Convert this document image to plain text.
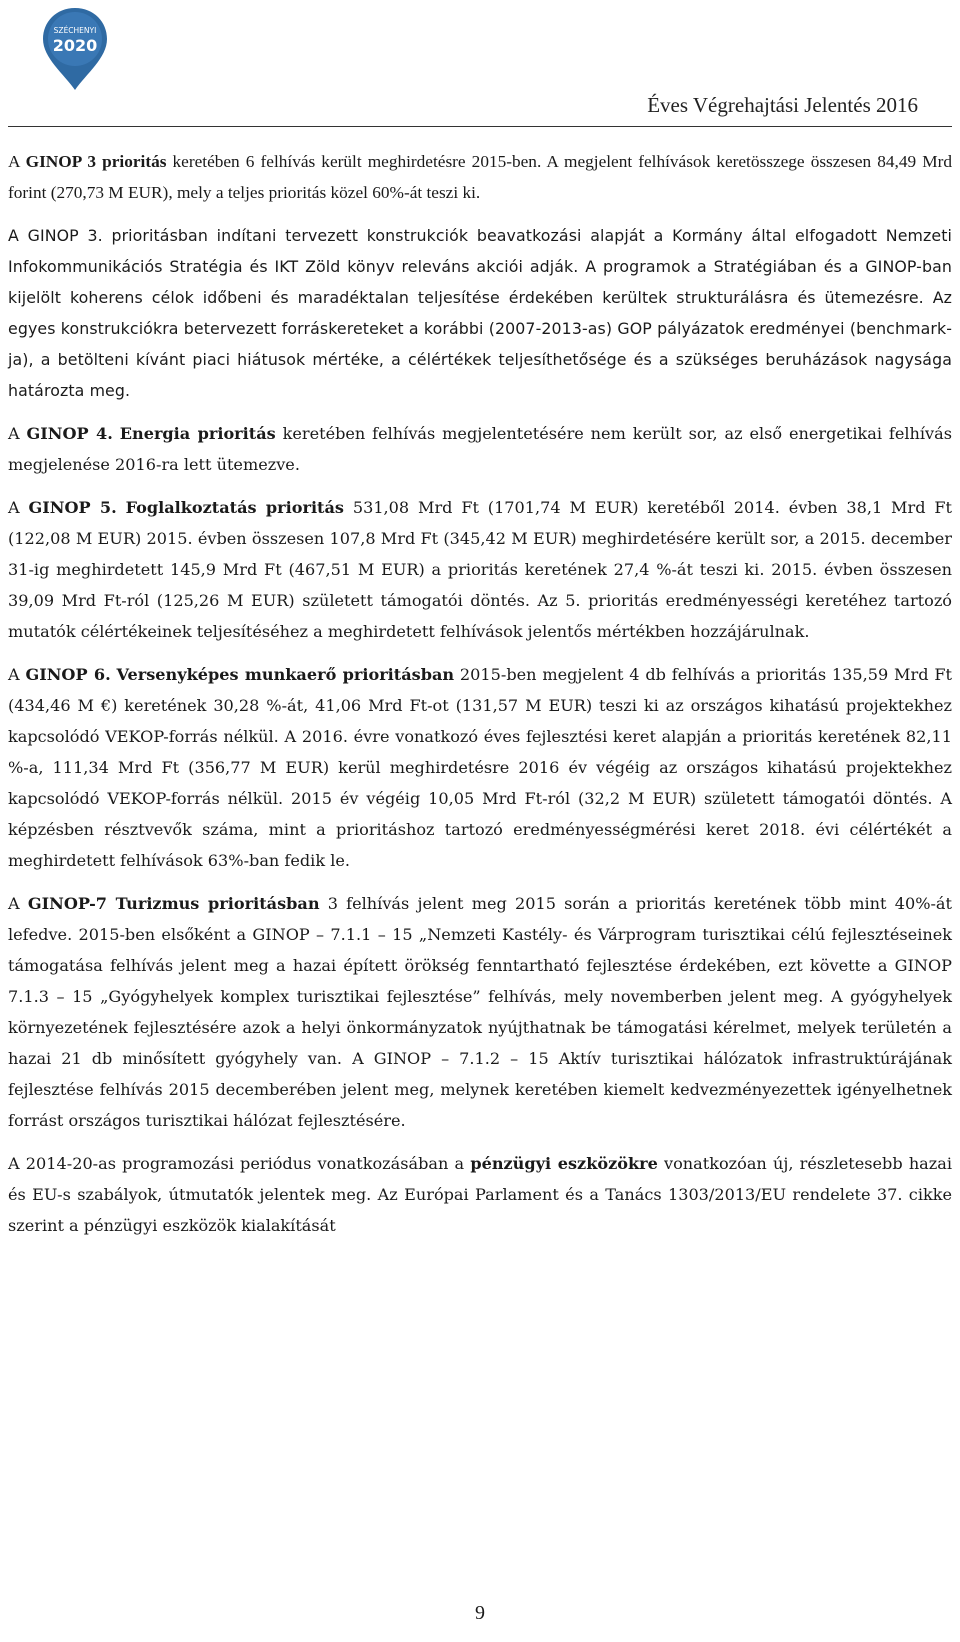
SZÉCHENYI
2020
Éves Végrehajtási Jelentés 2016

A GINOP 3 prioritás keretében 6 felhívás került meghirdetésre 2015-ben. A megjelent felhívások keretösszege összesen 84,49 Mrd forint (270,73 M EUR), mely a teljes prioritás közel 60%-át teszi ki.

A GINOP 3. prioritásban indítani tervezett konstrukciók beavatkozási alapját a Kormány által elfogadott Nemzeti Infokommunikációs Stratégia és IKT Zöld könyv releváns akciói adják. A programok a Stratégiában és a GINOP-ban kijelölt koherens célok időbeni és maradéktalan teljesítése érdekében kerültek strukturálásra és ütemezésre. Az egyes konstrukciókra betervezett forráskereteket a korábbi (2007-2013-as) GOP pályázatok eredményei (benchmark-ja), a betölteni kívánt piaci hiátusok mértéke, a célértékek teljesíthetősége és a szükséges beruházások nagysága határozta meg.

A GINOP 4. Energia prioritás keretében felhívás megjelentetésére nem került sor, az első energetikai felhívás megjelenése 2016-ra lett ütemezve.

A GINOP 5. Foglalkoztatás prioritás 531,08 Mrd Ft (1701,74 M EUR) keretéből 2014. évben 38,1 Mrd Ft (122,08 M EUR) 2015. évben összesen 107,8 Mrd Ft (345,42 M EUR) meghirdetésére került sor, a 2015. december 31-ig meghirdetett 145,9 Mrd Ft (467,51 M EUR) a prioritás keretének 27,4 %-át teszi ki. 2015. évben összesen 39,09 Mrd Ft-ról (125,26 M EUR) született támogatói döntés. Az 5. prioritás eredményességi keretéhez tartozó mutatók célértékeinek teljesítéséhez a meghirdetett felhívások jelentős mértékben hozzájárulnak.

A GINOP 6. Versenyképes munkaerő prioritásban 2015-ben megjelent 4 db felhívás a prioritás 135,59 Mrd Ft (434,46 M €) keretének 30,28 %-át, 41,06 Mrd Ft-ot (131,57 M EUR) teszi ki az országos kihatású projektekhez kapcsolódó VEKOP-forrás nélkül. A 2016. évre vonatkozó éves fejlesztési keret alapján a prioritás keretének 82,11 %-a, 111,34 Mrd Ft (356,77 M EUR) kerül meghirdetésre 2016 év végéig az országos kihatású projektekhez kapcsolódó VEKOP-forrás nélkül. 2015 év végéig 10,05 Mrd Ft-ról (32,2 M EUR) született támogatói döntés. A képzésben résztvevők száma, mint a prioritáshoz tartozó eredményességmérési keret 2018. évi célértékét a meghirdetett felhívások 63%-ban fedik le.

A GINOP-7 Turizmus prioritásban 3 felhívás jelent meg 2015 során a prioritás keretének több mint 40%-át lefedve. 2015-ben elsőként a GINOP – 7.1.1 – 15 „Nemzeti Kastély- és Várprogram turisztikai célú fejlesztéseinek támogatása felhívás jelent meg a hazai épített örökség fenntartható fejlesztése érdekében, ezt követte a GINOP 7.1.3 – 15 „Gyógyhelyek komplex turisztikai fejlesztése” felhívás, mely novemberben jelent meg. A gyógyhelyek környezetének fejlesztésére azok a helyi önkormányzatok nyújthatnak be támogatási kérelmet, melyek területén a hazai 21 db minősített gyógyhely van. A GINOP – 7.1.2 – 15 Aktív turisztikai hálózatok infrastruktúrájának fejlesztése felhívás 2015 decemberében jelent meg, melynek keretében kiemelt kedvezményezettek igényelhetnek forrást országos turisztikai hálózat fejlesztésére.

A 2014-20-as programozási periódus vonatkozásában a pénzügyi eszközökre vonatkozóan új, részletesebb hazai és EU-s szabályok, útmutatók jelentek meg. Az Európai Parlament és a Tanács 1303/2013/EU rendelete 37. cikke szerint a pénzügyi eszközök kialakítását

9
